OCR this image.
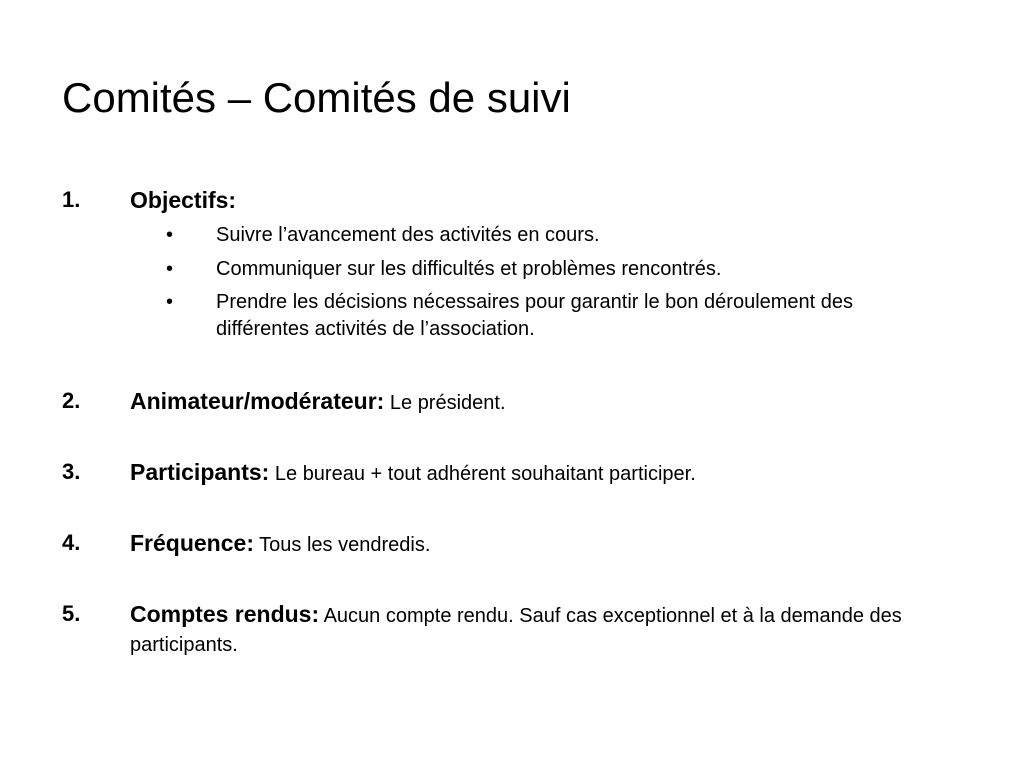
Comités – Comités de suivi
1. Objectifs:
• Suivre l’avancement des activités en cours.
• Communiquer sur les difficultés et problèmes rencontrés.
• Prendre les décisions nécessaires pour garantir le bon déroulement des différentes activités de l’association.
2. Animateur/modérateur: Le président.
3. Participants: Le bureau + tout adhérent souhaitant participer.
4. Fréquence: Tous les vendredis.
5. Comptes rendus: Aucun compte rendu. Sauf cas exceptionnel et à la demande des participants.
